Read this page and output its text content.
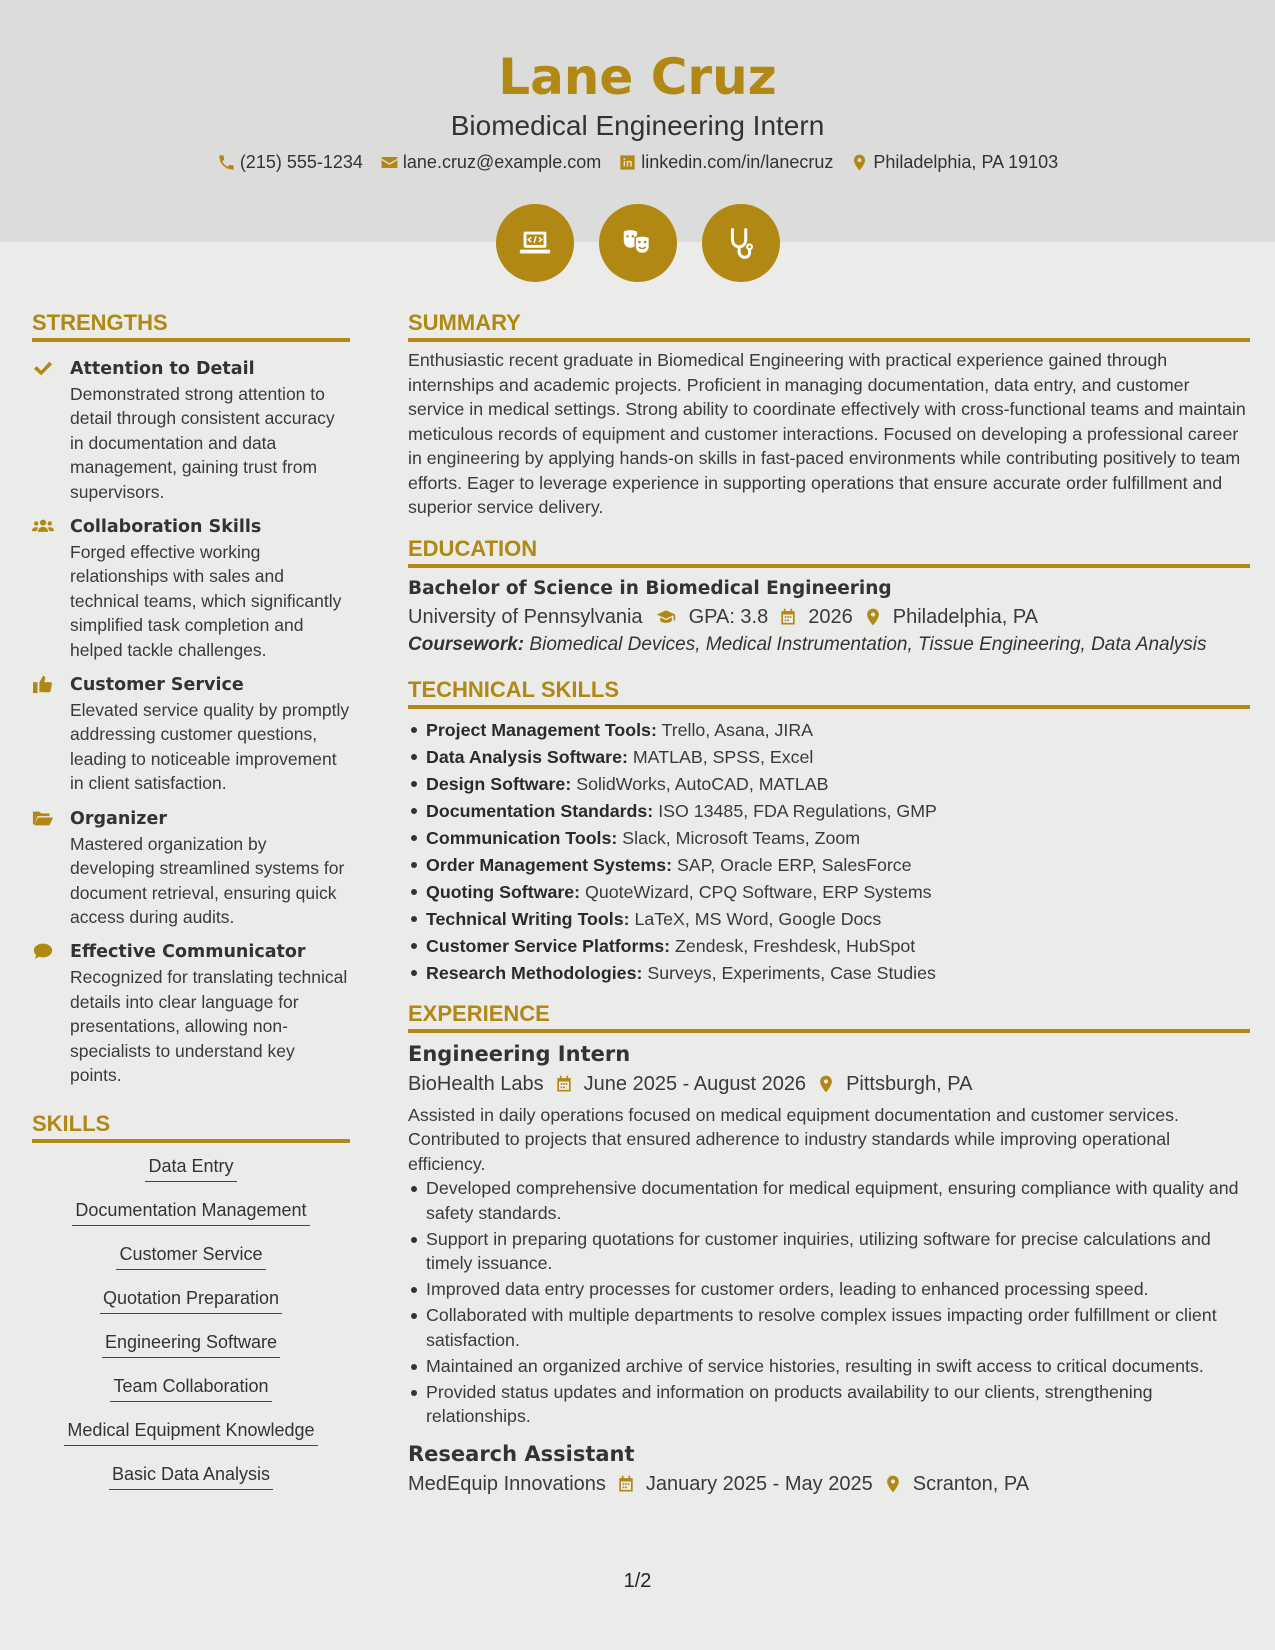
Lane Cruz
Biomedical Engineering Intern
(215) 555-1234 lane.cruz@example.com linkedin.com/in/lanecruz Philadelphia, PA 19103
STRENGTHS
Attention to Detail
Demonstrated strong attention to detail through consistent accuracy in documentation and data management, gaining trust from supervisors.
Collaboration Skills
Forged effective working relationships with sales and technical teams, which significantly simplified task completion and helped tackle challenges.
Customer Service
Elevated service quality by promptly addressing customer questions, leading to noticeable improvement in client satisfaction.
Organizer
Mastered organization by developing streamlined systems for document retrieval, ensuring quick access during audits.
Effective Communicator
Recognized for translating technical details into clear language for presentations, allowing non-specialists to understand key points.
SKILLS
Data Entry
Documentation Management
Customer Service
Quotation Preparation
Engineering Software
Team Collaboration
Medical Equipment Knowledge
Basic Data Analysis
SUMMARY
Enthusiastic recent graduate in Biomedical Engineering with practical experience gained through internships and academic projects. Proficient in managing documentation, data entry, and customer service in medical settings. Strong ability to coordinate effectively with cross-functional teams and maintain meticulous records of equipment and customer interactions. Focused on developing a professional career in engineering by applying hands-on skills in fast-paced environments while contributing positively to team efforts. Eager to leverage experience in supporting operations that ensure accurate order fulfillment and superior service delivery.
EDUCATION
Bachelor of Science in Biomedical Engineering
University of Pennsylvania GPA: 3.8 2026 Philadelphia, PA
Coursework: Biomedical Devices, Medical Instrumentation, Tissue Engineering, Data Analysis
TECHNICAL SKILLS
Project Management Tools: Trello, Asana, JIRA
Data Analysis Software: MATLAB, SPSS, Excel
Design Software: SolidWorks, AutoCAD, MATLAB
Documentation Standards: ISO 13485, FDA Regulations, GMP
Communication Tools: Slack, Microsoft Teams, Zoom
Order Management Systems: SAP, Oracle ERP, SalesForce
Quoting Software: QuoteWizard, CPQ Software, ERP Systems
Technical Writing Tools: LaTeX, MS Word, Google Docs
Customer Service Platforms: Zendesk, Freshdesk, HubSpot
Research Methodologies: Surveys, Experiments, Case Studies
EXPERIENCE
Engineering Intern
BioHealth Labs June 2025 - August 2026 Pittsburgh, PA
Assisted in daily operations focused on medical equipment documentation and customer services. Contributed to projects that ensured adherence to industry standards while improving operational efficiency.
Developed comprehensive documentation for medical equipment, ensuring compliance with quality and safety standards.
Support in preparing quotations for customer inquiries, utilizing software for precise calculations and timely issuance.
Improved data entry processes for customer orders, leading to enhanced processing speed.
Collaborated with multiple departments to resolve complex issues impacting order fulfillment or client satisfaction.
Maintained an organized archive of service histories, resulting in swift access to critical documents.
Provided status updates and information on products availability to our clients, strengthening relationships.
Research Assistant
MedEquip Innovations January 2025 - May 2025 Scranton, PA
1/2
